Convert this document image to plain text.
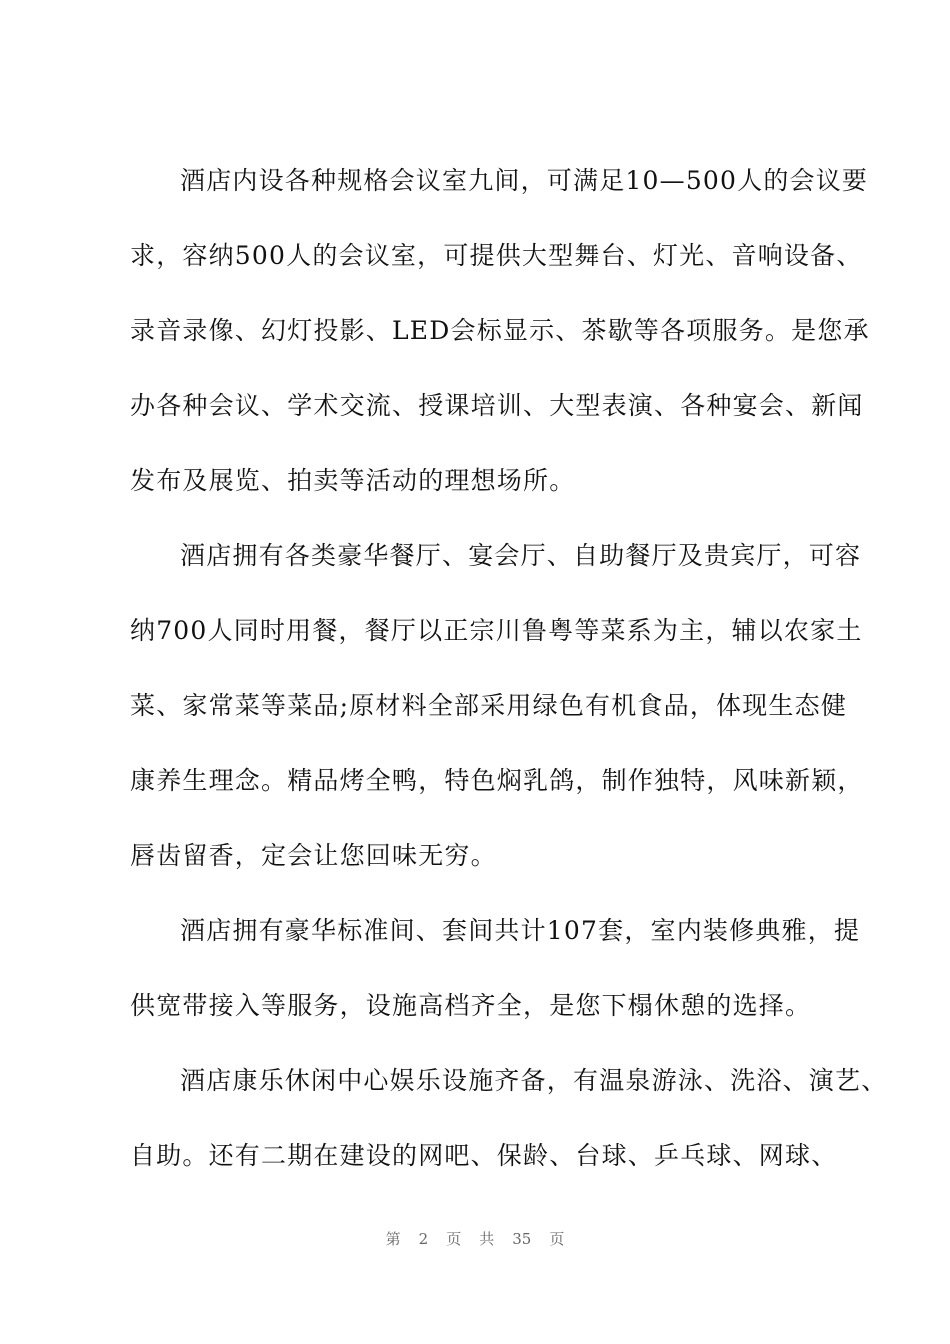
酒店内设各种规格会议室九间，可满足10—500人的会议要
求，容纳500人的会议室，可提供大型舞台、灯光、音响设备、
录音录像、幻灯投影、LED会标显示、茶歇等各项服务。是您承
办各种会议、学术交流、授课培训、大型表演、各种宴会、新闻
发布及展览、拍卖等活动的理想场所。
酒店拥有各类豪华餐厅、宴会厅、自助餐厅及贵宾厅，可容
纳700人同时用餐，餐厅以正宗川鲁粤等菜系为主，辅以农家土
菜、家常菜等菜品;原材料全部采用绿色有机食品，体现生态健
康养生理念。精品烤全鸭，特色焖乳鸽，制作独特，风味新颖，
唇齿留香，定会让您回味无穷。
酒店拥有豪华标准间、套间共计107套，室内装修典雅，提
供宽带接入等服务，设施高档齐全，是您下榻休憩的选择。
酒店康乐休闲中心娱乐设施齐备，有温泉游泳、洗浴、演艺、
自助。还有二期在建设的网吧、保龄、台球、乒乓球、网球、
第 2 页 共 35 页
